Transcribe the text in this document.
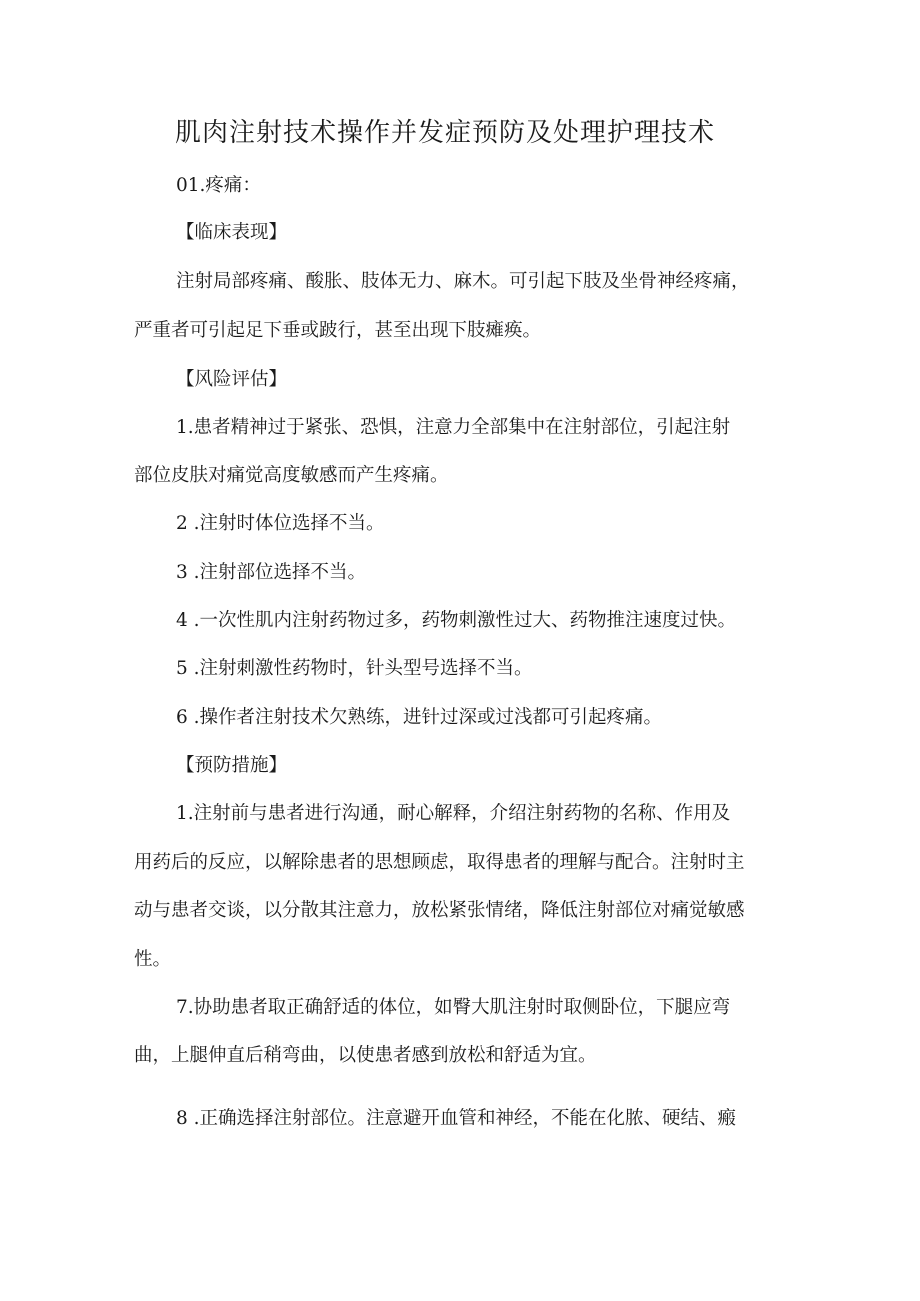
肌肉注射技术操作并发症预防及处理护理技术
01.疼痛：
【临床表现】
注射局部疼痛、酸胀、肢体无力、麻木。可引起下肢及坐骨神经疼痛，
严重者可引起足下垂或跛行，甚至出现下肢瘫痪。
【风险评估】
1.患者精神过于紧张、恐惧，注意力全部集中在注射部位，引起注射
部位皮肤对痛觉高度敏感而产生疼痛。
2 .注射时体位选择不当。
3 .注射部位选择不当。
4 .一次性肌内注射药物过多，药物刺激性过大、药物推注速度过快。
5 .注射刺激性药物时，针头型号选择不当。
6 .操作者注射技术欠熟练，进针过深或过浅都可引起疼痛。
【预防措施】
1.注射前与患者进行沟通，耐心解释，介绍注射药物的名称、作用及
用药后的反应，以解除患者的思想顾虑，取得患者的理解与配合。注射时主
动与患者交谈，以分散其注意力，放松紧张情绪，降低注射部位对痛觉敏感
性。
7.协助患者取正确舒适的体位，如臀大肌注射时取侧卧位，下腿应弯
曲，上腿伸直后稍弯曲，以使患者感到放松和舒适为宜。
8 .正确选择注射部位。注意避开血管和神经，不能在化脓、硬结、瘢
